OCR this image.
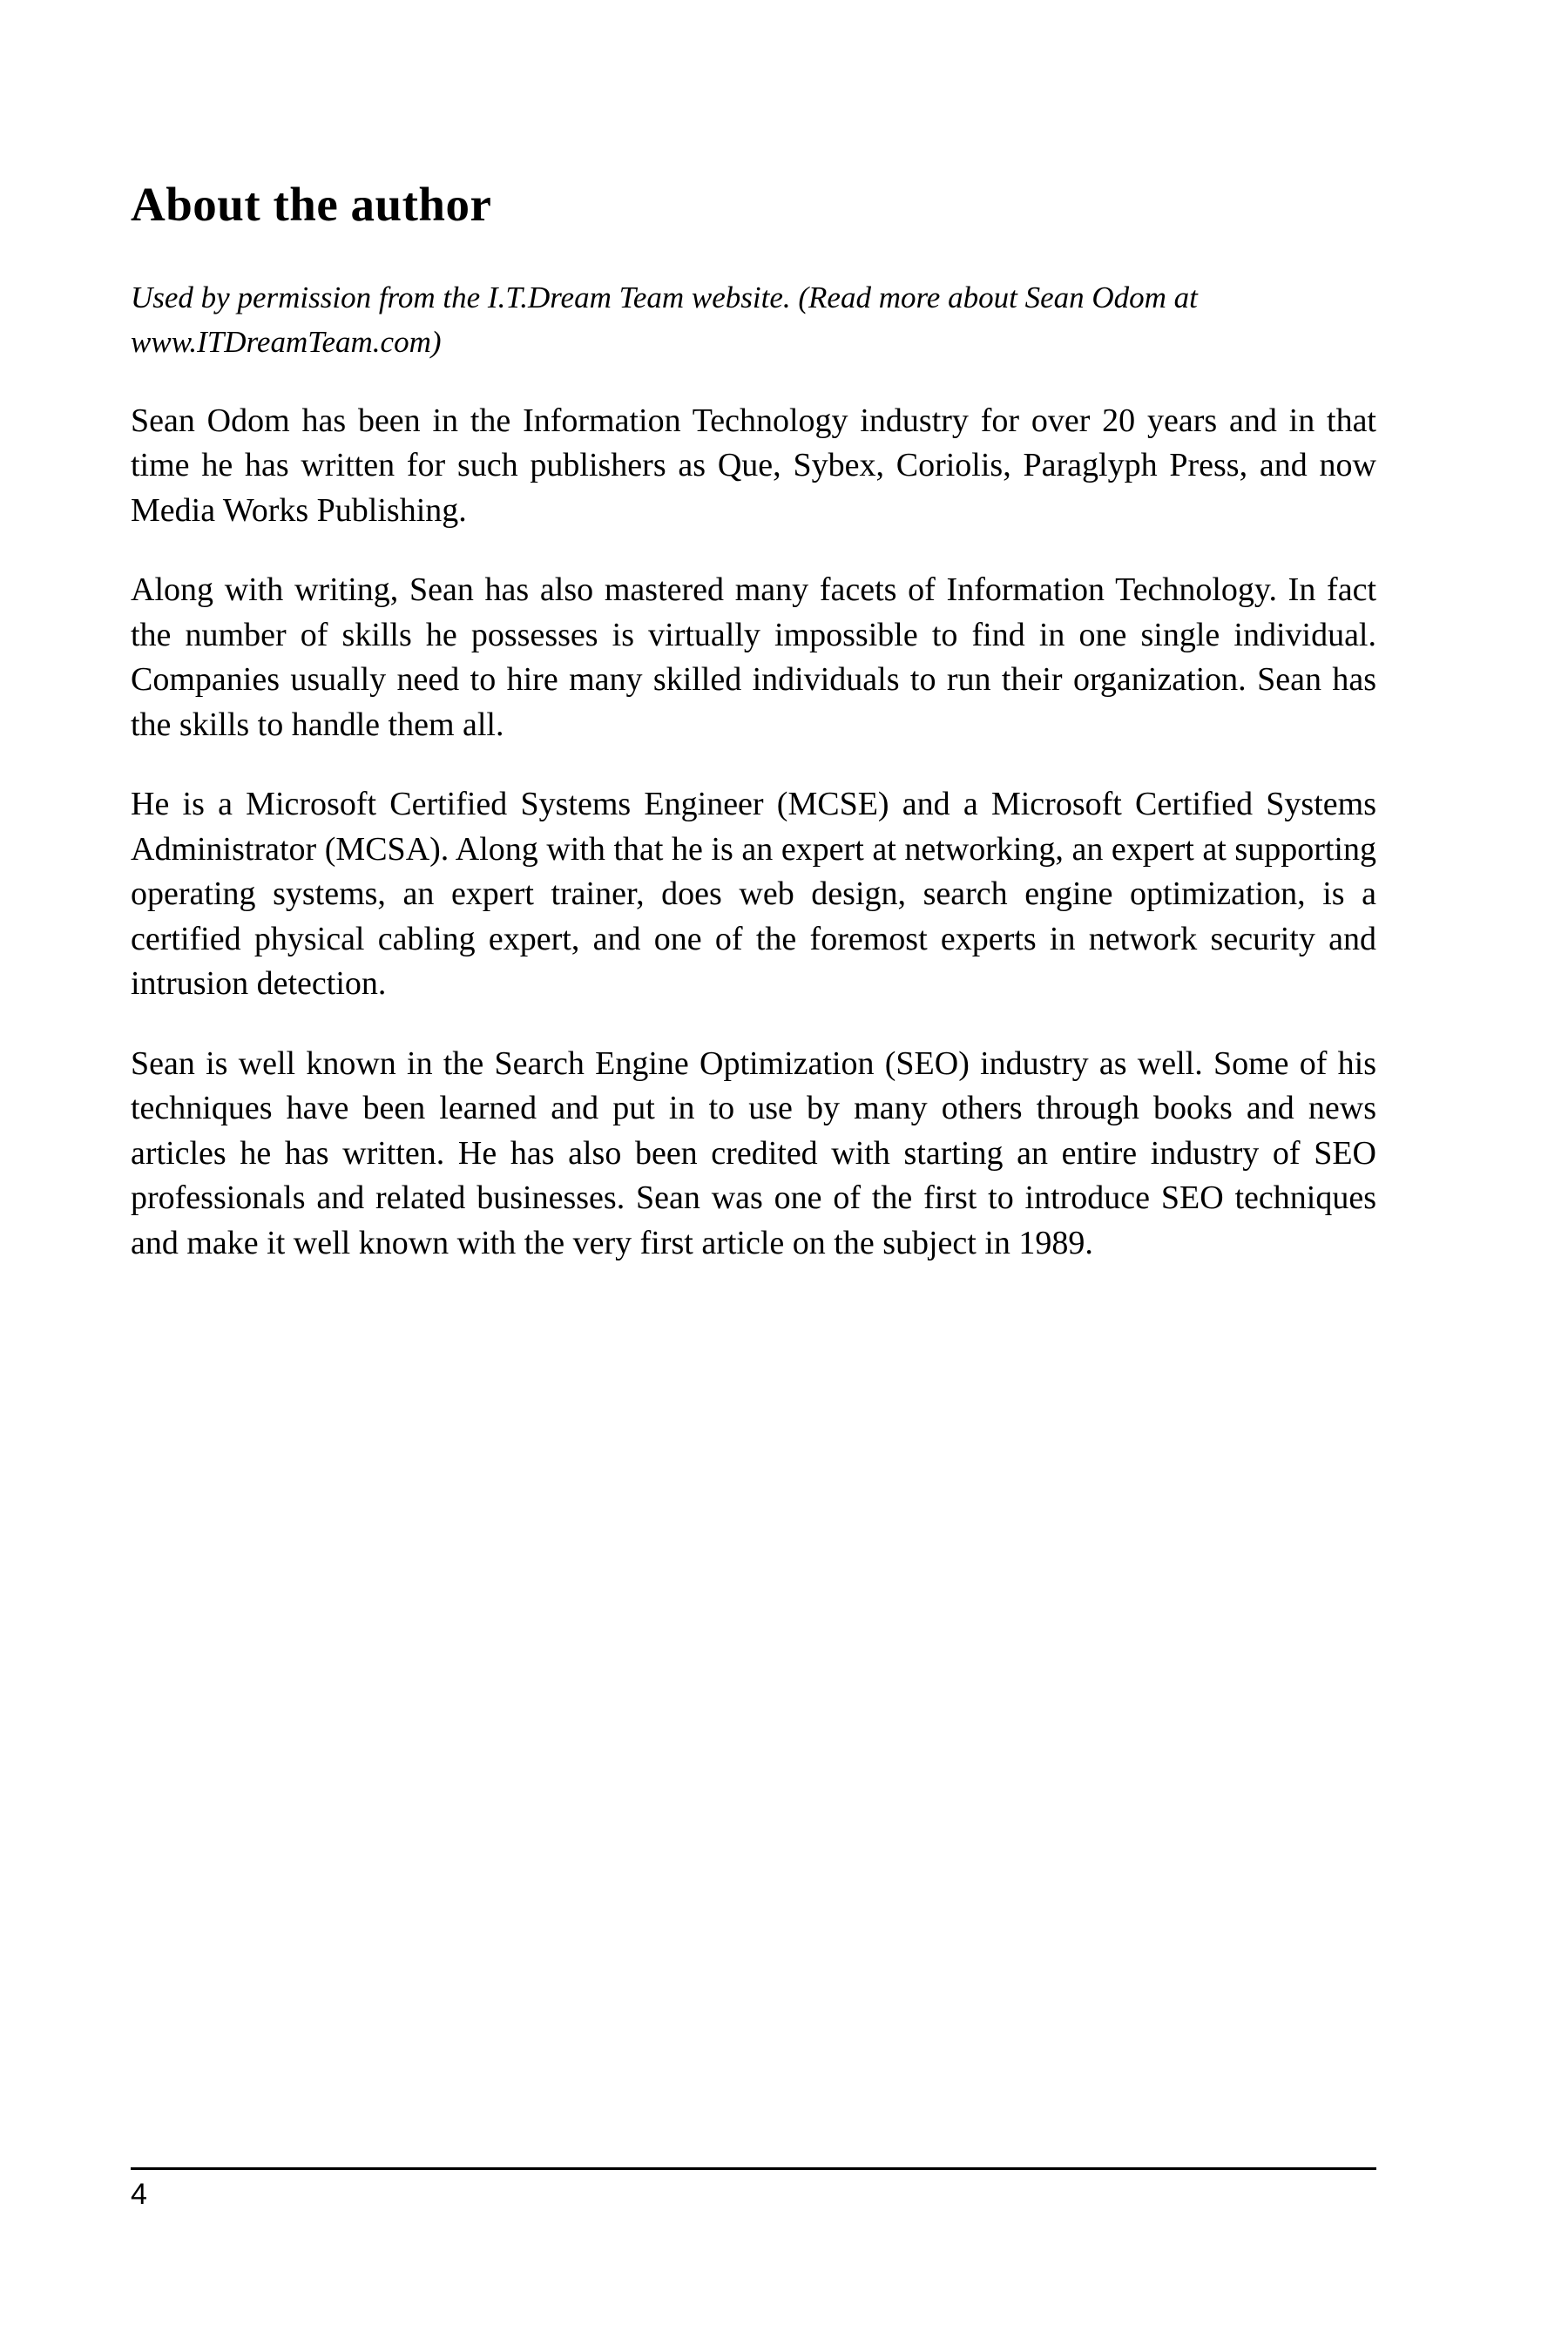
About the author

Used by permission from the I.T.Dream Team website. (Read more about Sean Odom at www.ITDreamTeam.com)

Sean Odom has been in the Information Technology industry for over 20 years and in that time he has written for such publishers as Que, Sybex, Coriolis, Paraglyph Press, and now Media Works Publishing.

Along with writing, Sean has also mastered many facets of Information Technology. In fact the number of skills he possesses is virtually impossible to find in one single individual. Companies usually need to hire many skilled individuals to run their organization. Sean has the skills to handle them all.

He is a Microsoft Certified Systems Engineer (MCSE) and a Microsoft Certified Systems Administrator (MCSA). Along with that he is an expert at networking, an expert at supporting operating systems, an expert trainer, does web design, search engine optimization, is a certified physical cabling expert, and one of the foremost experts in network security and intrusion detection.

Sean is well known in the Search Engine Optimization (SEO) industry as well. Some of his techniques have been learned and put in to use by many others through books and news articles he has written. He has also been credited with starting an entire industry of SEO professionals and related businesses. Sean was one of the first to introduce SEO techniques and make it well known with the very first article on the subject in 1989.

4
